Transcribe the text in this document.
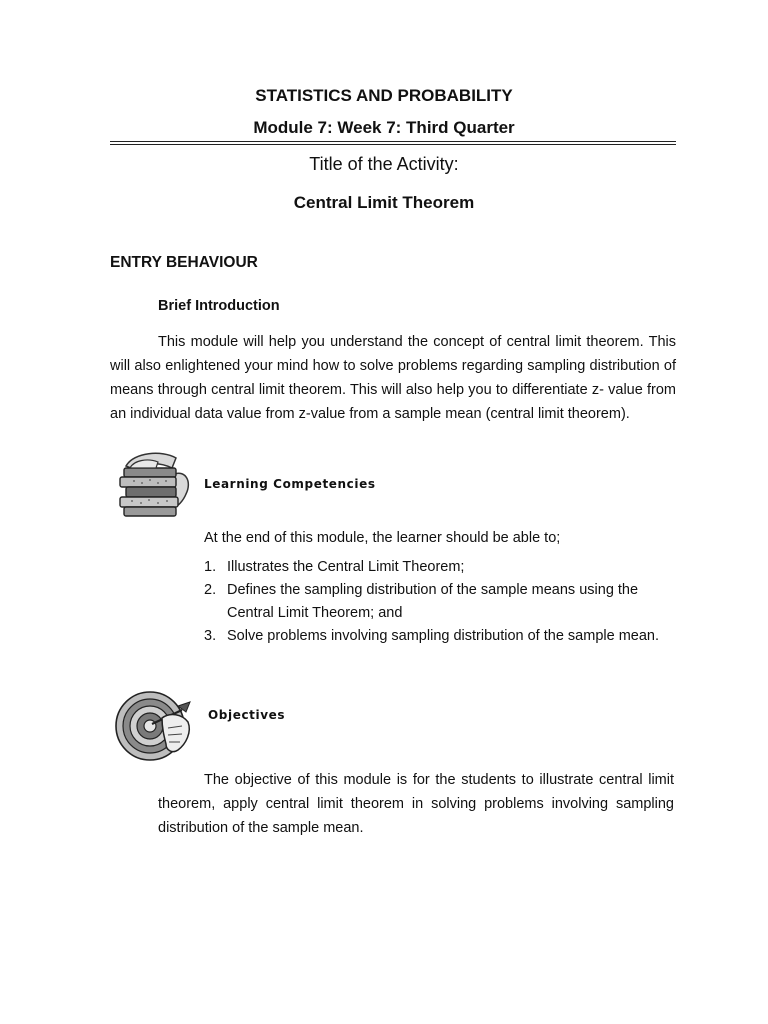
STATISTICS AND PROBABILITY
Module 7: Week 7: Third Quarter
Title of the Activity:
Central Limit Theorem
ENTRY BEHAVIOUR
Brief Introduction
This module will help you understand the concept of central limit theorem. This will also enlightened your mind how to solve problems regarding sampling distribution of means through central limit theorem. This will also help you to differentiate z- value from an individual data value from z-value from a sample mean (central limit theorem).
Learning Competencies
At the end of this module, the learner should be able to;
1. Illustrates the Central Limit Theorem;
2. Defines the sampling distribution of the sample means using the Central Limit Theorem; and
3. Solve problems involving sampling distribution of the sample mean.
Objectives
The objective of this module is for the students to illustrate central limit theorem, apply central limit theorem in solving problems involving sampling distribution of the sample mean.
